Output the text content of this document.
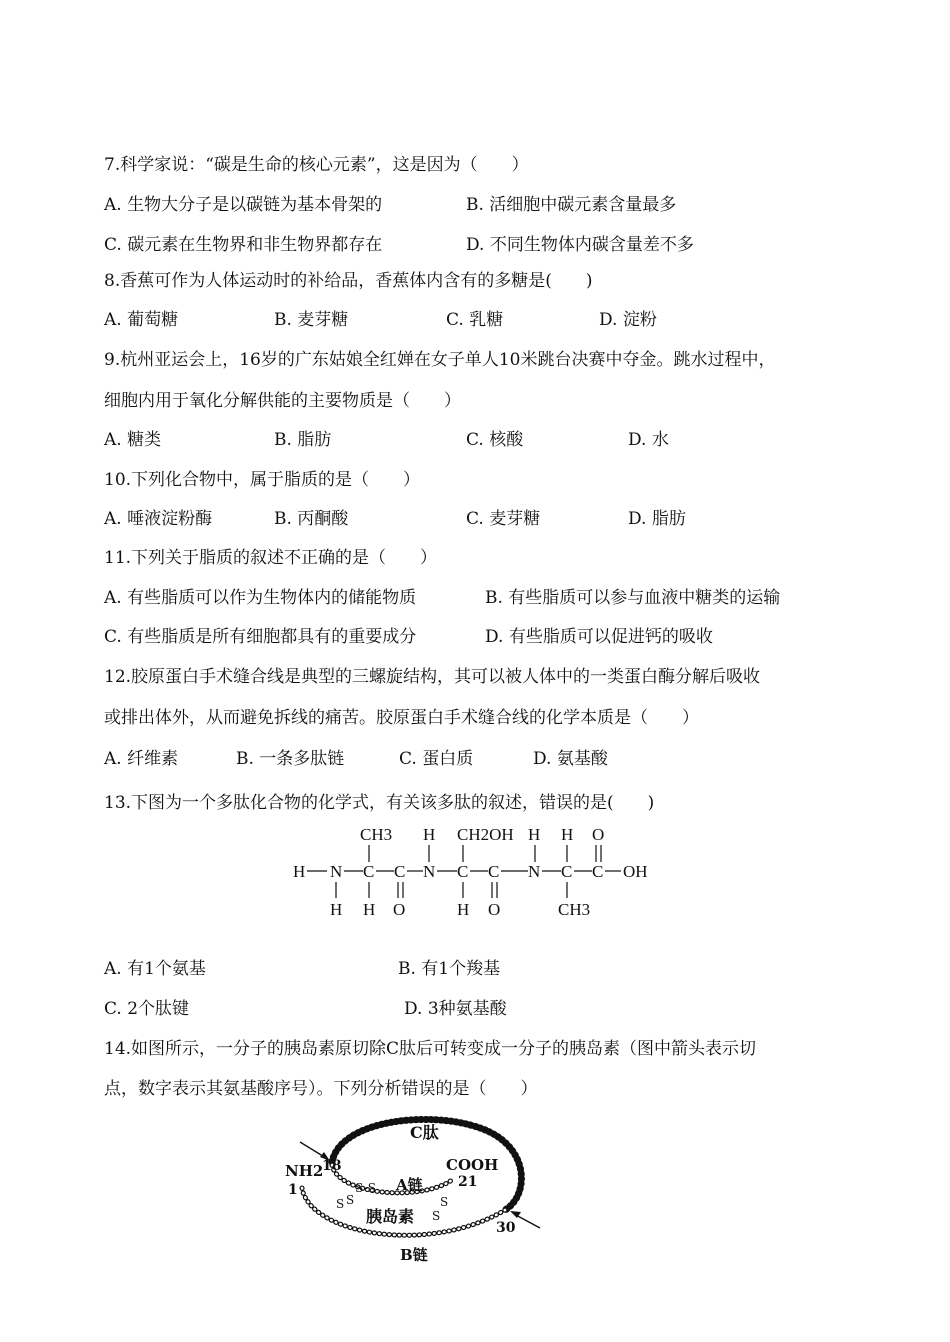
7.科学家说：“碳是生命的核心元素”，这是因为（　　）
A. 生物大分子是以碳链为基本骨架的	B. 活细胞中碳元素含量最多
C. 碳元素在生物界和非生物界都存在	D. 不同生物体内碳含量差不多
8.香蕉可作为人体运动时的补给品，香蕉体内含有的多糖是(　　)
A. 葡萄糖	B. 麦芽糖	C. 乳糖	D. 淀粉
9.杭州亚运会上，16岁的广东姑娘全红婵在女子单人10米跳台决赛中夺金。跳水过程中，
细胞内用于氧化分解供能的主要物质是（　　）
A. 糖类	B. 脂肪	C. 核酸	D. 水
10.下列化合物中，属于脂质的是（　　）
A. 唾液淀粉酶	B. 丙酮酸	C. 麦芽糖	D. 脂肪
11.下列关于脂质的叙述不正确的是（　　）
A. 有些脂质可以作为生物体内的储能物质	B. 有些脂质可以参与血液中糖类的运输
C. 有些脂质是所有细胞都具有的重要成分	D. 有些脂质可以促进钙的吸收
12.胶原蛋白手术缝合线是典型的三螺旋结构，其可以被人体中的一类蛋白酶分解后吸收
或排出体外，从而避免拆线的痛苦。胶原蛋白手术缝合线的化学本质是（　　）
A. 纤维素	B. 一条多肽链	C. 蛋白质	D. 氨基酸
13.下图为一个多肽化合物的化学式，有关该多肽的叙述，错误的是(　　)
CH3 H CH2OH H H O
H N C C N C C N C C OH
H H O	H O	CH3
A. 有1个氨基	B. 有1个羧基
C. 2个肽键	D. 3种氨基酸
14.如图所示，一分子的胰岛素原切除C肽后可转变成一分子的胰岛素（图中箭头表示切
点，数字表示其氨基酸序号）。下列分析错误的是（　　）
C肽
NH2
18
1
COOH
21
A链
S-S
S S	S
S
胰岛素
30
B链
